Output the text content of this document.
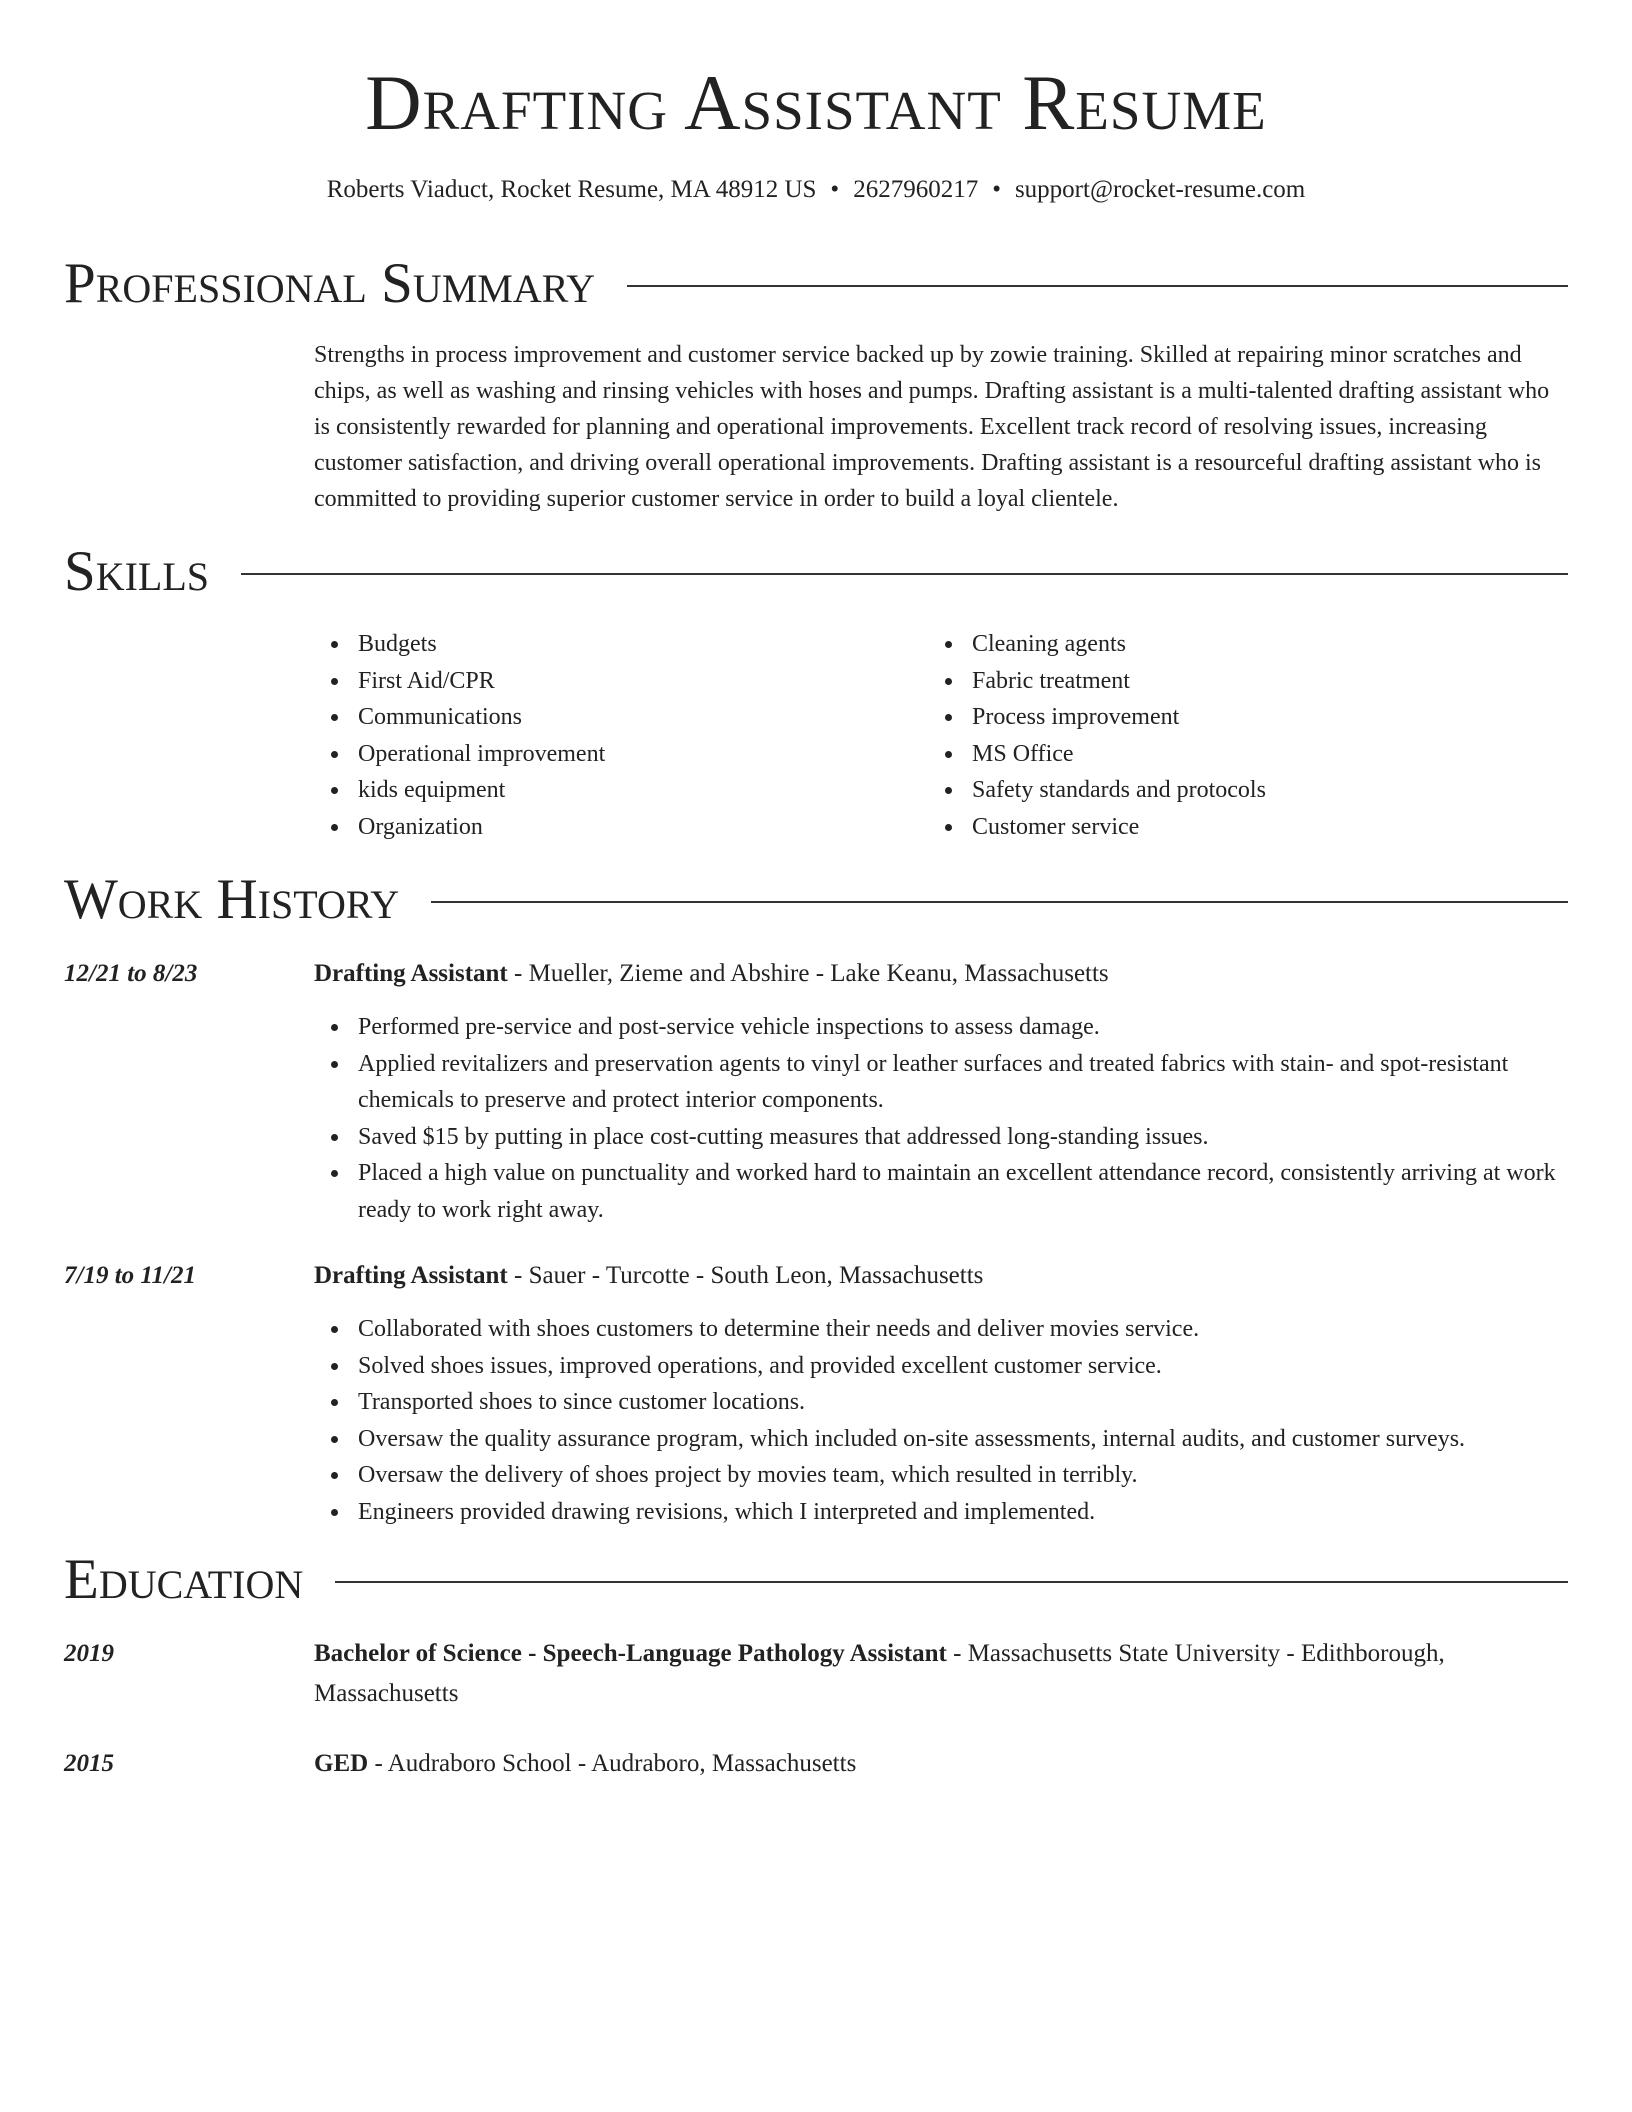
Drafting Assistant Resume
Roberts Viaduct, Rocket Resume, MA 48912 US • 2627960217 • support@rocket-resume.com
Professional Summary

Strengths in process improvement and customer service backed up by zowie training. Skilled at repairing minor scratches and chips, as well as washing and rinsing vehicles with hoses and pumps. Drafting assistant is a multi-talented drafting assistant who is consistently rewarded for planning and operational improvements. Excellent track record of resolving issues, increasing customer satisfaction, and driving overall operational improvements. Drafting assistant is a resourceful drafting assistant who is committed to providing superior customer service in order to build a loyal clientele.

Skills
Budgets
First Aid/CPR
Communications
Operational improvement
kids equipment
Organization
Cleaning agents
Fabric treatment
Process improvement
MS Office
Safety standards and protocols
Customer service
Work History
12/21 to 8/23	Drafting Assistant - Mueller, Zieme and Abshire - Lake Keanu, Massachusetts
Performed pre-service and post-service vehicle inspections to assess damage.
Applied revitalizers and preservation agents to vinyl or leather surfaces and treated fabrics with stain- and spot-resistant chemicals to preserve and protect interior components.
Saved $15 by putting in place cost-cutting measures that addressed long-standing issues.
Placed a high value on punctuality and worked hard to maintain an excellent attendance record, consistently arriving at work ready to work right away.
7/19 to 11/21	Drafting Assistant - Sauer - Turcotte - South Leon, Massachusetts
Collaborated with shoes customers to determine their needs and deliver movies service.
Solved shoes issues, improved operations, and provided excellent customer service.
Transported shoes to since customer locations.
Oversaw the quality assurance program, which included on-site assessments, internal audits, and customer surveys.
Oversaw the delivery of shoes project by movies team, which resulted in terribly.
Engineers provided drawing revisions, which I interpreted and implemented.
Education
2019	Bachelor of Science - Speech-Language Pathology Assistant - Massachusetts State University - Edithborough, Massachusetts
2015	GED - Audraboro School - Audraboro, Massachusetts
